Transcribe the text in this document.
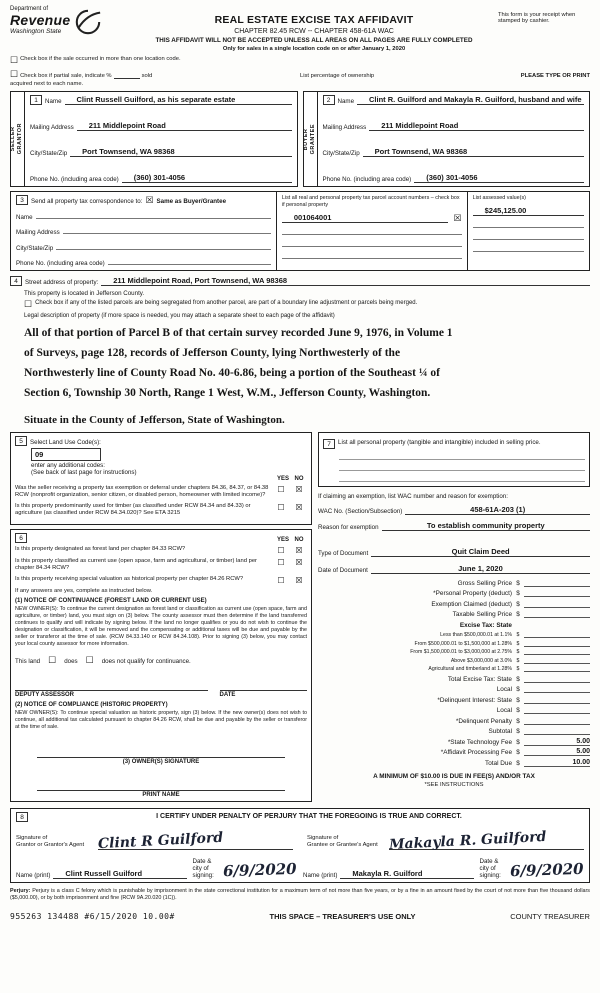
Department of
Revenue
Washington State
REAL ESTATE EXCISE TAX AFFIDAVIT
CHAPTER 82.45 RCW -- CHAPTER 458-61A WAC
THIS AFFIDAVIT WILL NOT BE ACCEPTED UNLESS ALL AREAS ON ALL PAGES ARE FULLY COMPLETED
Only for sales in a single location code on or after January 1, 2020
This form is your receipt when stamped by cashier.
☐ Check box if the sale occurred in more than one location code.
☐ Check box if partial sale, indicate %	sold	List percentage of ownership	PLEASE TYPE OR PRINT
acquired next to each name.
SELLER GRANTOR
1	Name	Clint Russell Guilford, as his separate estate
Mailing Address	211 Middlepoint Road
City/State/Zip	Port Townsend, WA 98368
Phone No. (including area code)	(360) 301-4056
BUYER GRANTEE
2	Name	Clint R. Guilford and Makayla R. Guilford, husband and wife
Mailing Address	211 Middlepoint Road
City/State/Zip	Port Townsend, WA 98368
Phone No. (including area code)	(360) 301-4056
3	Send all property tax correspondence to: ☒ Same as Buyer/Grantee
Name
Mailing Address
City/State/Zip
Phone No. (including area code)
List all real and personal property tax parcel account numbers – check box if personal property
001064001	☒
List assessed value(s)
$245,125.00
4	Street address of property:	211 Middlepoint Road, Port Townsend, WA 98368
This property is located in Jefferson County.
☐ Check box if any of the listed parcels are being segregated from another parcel, are part of a boundary line adjustment or parcels being merged.
Legal description of property (if more space is needed, you may attach a separate sheet to each page of the affidavit)
All of that portion of Parcel B of that certain survey recorded June 9, 1976, in Volume 1 of Surveys, page 128, records of Jefferson County, lying Northwesterly of the Northwesterly line of County Road No. 40-6.86, being a portion of the Southeast ¼ of Section 6, Township 30 North, Range 1 West, W.M., Jefferson County, Washington.
Situate in the County of Jefferson, State of Washington.
5	Select Land Use Code(s):
09
enter any additional codes:
(See back of last page for instructions)
YES NO
Was the seller receiving a property tax exemption or deferral under chapters 84.36, 84.37, or 84.38 RCW (nonprofit organization, senior citizen, or disabled person, homeowner with limited income)?
☐	☒
Is this property predominantly used for timber (as classified under RCW 84.34 and 84.33) or agriculture (as classified under RCW 84.34.020)? See ETA 3215
☐	☒
6	YES NO
Is this property designated as forest land per chapter 84.33 RCW?	☐	☒
Is this property classified as current use (open space, farm and agricultural, or timber) land per chapter 84.34 RCW?
☐	☒
Is this property receiving special valuation as historical property per chapter 84.26 RCW?	☐	☒
If any answers are yes, complete as instructed below.
(1) NOTICE OF CONTINUANCE (FOREST LAND OR CURRENT USE)
NEW OWNER(S): To continue the current designation as forest land or classification as current use (open space, farm and agriculture, or timber) land, you must sign on (3) below. The county assessor must then determine if the land transferred continues to qualify and will indicate by signing below. If the land no longer qualifies or you do not wish to continue the designation or classification, it will be removed and the compensating or additional taxes will be due and payable by the seller or transferor at the time of sale. (RCW 84.33.140 or RCW 84.34.108). Prior to signing (3) below, you may contact your local county assessor for more information.
This land ☐ does ☐ does not qualify for continuance.
DEPUTY ASSESSOR	DATE
(2) NOTICE OF COMPLIANCE (HISTORIC PROPERTY)
NEW OWNER(S): To continue special valuation as historic property, sign (3) below. If the new owner(s) does not wish to continue, all additional tax calculated pursuant to chapter 84.26 RCW, shall be due and payable by the seller or transferor at the time of sale.
(3) OWNER(S) SIGNATURE
PRINT NAME
7	List all personal property (tangible and intangible) included in selling price.
If claiming an exemption, list WAC number and reason for exemption:
WAC No. (Section/Subsection)	458-61A-203 (1)
Reason for exemption	To establish community property
Type of Document	Quit Claim Deed
Date of Document	June 1, 2020
Gross Selling Price $
*Personal Property (deduct) $
Exemption Claimed (deduct) $
Taxable Selling Price $
Excise Tax: State
Less than $500,000.01 at 1.1% $
From $500,000.01 to $1,500,000 at 1.28% $
From $1,500,000.01 to $3,000,000 at 2.75% $
Above $3,000,000 at 3.0% $
Agricultural and timberland at 1.28% $
Total Excise Tax: State $
Local $
*Delinquent Interest: State $
Local $
*Delinquent Penalty $
Subtotal $
*State Technology Fee $	5.00
*Affidavit Processing Fee $	5.00
Total Due $	10.00
A MINIMUM OF $10.00 IS DUE IN FEE(S) AND/OR TAX
*SEE INSTRUCTIONS
8	I CERTIFY UNDER PENALTY OF PERJURY THAT THE FOREGOING IS TRUE AND CORRECT.
Signature of
Grantor or Grantor's Agent Clint R Guilford	Signature of
Grantee or Grantee's Agent Makayla R. Guilford
Name (print)	Clint Russell Guilford
Date & city of signing: 6/9/2020 Name (print)	Makayla R. Guilford
Date & city of signing: 6/9/2020
Perjury: Perjury is a class C felony which is punishable by imprisonment in the state correctional institution for a maximum term of not more than five years, or by a fine in an amount fixed by the court of not more than five thousand dollars ($5,000.00), or by both imprisonment and fine (RCW 9A.20.020 (1C)).
955263 134488 #6/15/2020 10.00#	THIS SPACE – TREASURER'S USE ONLY	COUNTY TREASURER
